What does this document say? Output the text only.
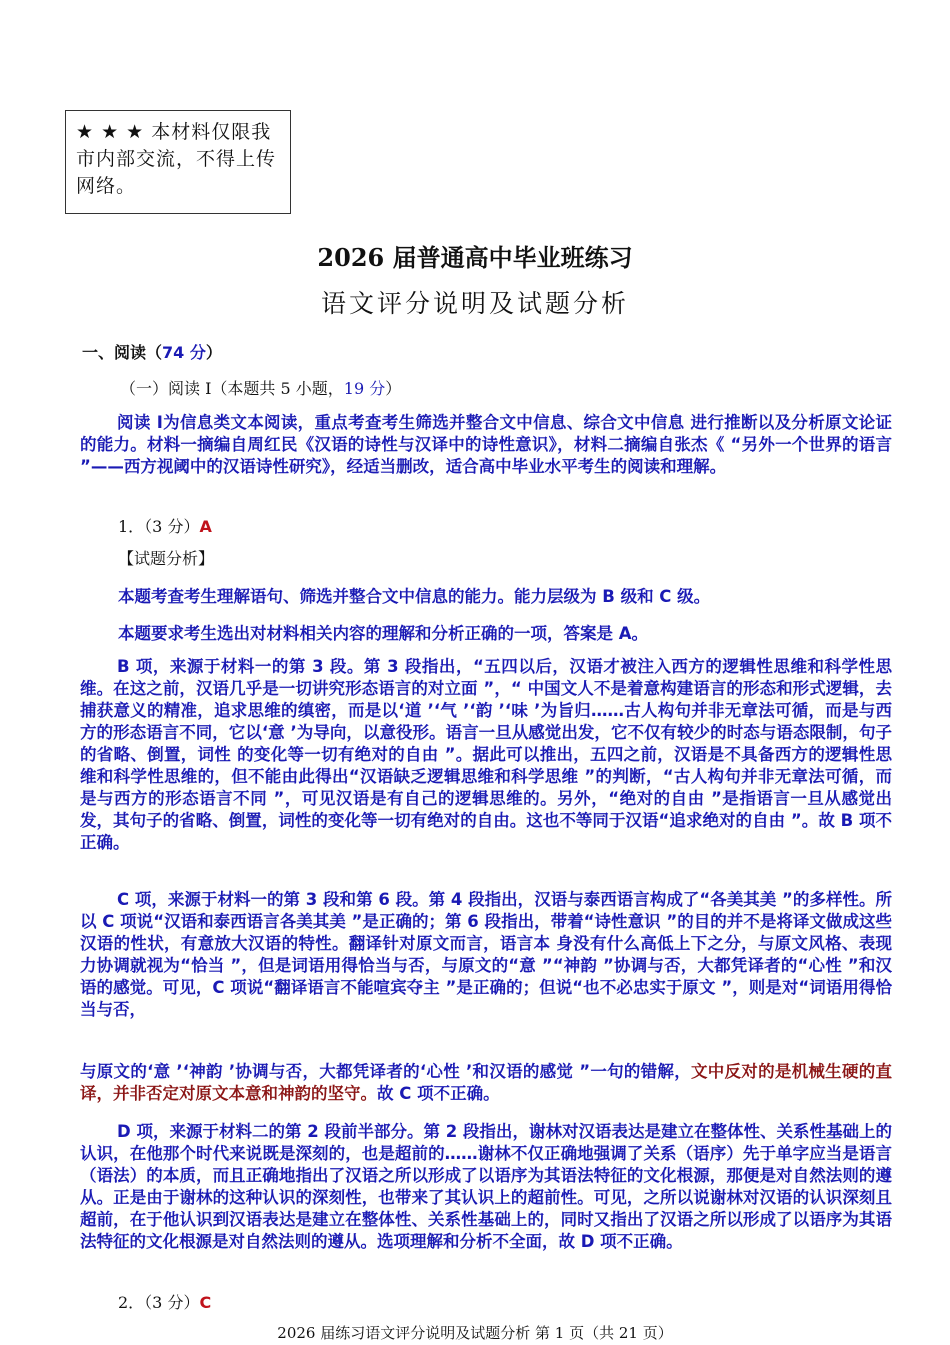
★ ★ ★ 本材料仅限我市内部交流，不得上传网络。
2026 届普通高中毕业班练习
语文评分说明及试题分析
一、阅读（74 分）
（一）阅读 Ⅰ（本题共 5 小题，19 分）
阅读 Ⅰ为信息类文本阅读，重点考查考生筛选并整合文中信息、综合文中信息 进行推断以及分析原文论证的能力。材料一摘编自周红民《汉语的诗性与汉译中的诗性意识》，材料二摘编自张杰《 “另外一个世界的语言 ”——西方视阈中的汉语诗性研究》，经适当删改，适合高中毕业水平考生的阅读和理解。
1．（3 分）A
【试题分析】
本题考查考生理解语句、筛选并整合文中信息的能力。能力层级为 B 级和 C 级。
本题要求考生选出对材料相关内容的理解和分析正确的一项，答案是 A。
B 项，来源于材料一的第 3 段。第 3 段指出，“五四以后，汉语才被注入西方的逻辑性思维和科学性思维。在这之前，汉语几乎是一切讲究形态语言的对立面 ”，“ 中国文人不是着意构建语言的形态和形式逻辑，去捕获意义的精准，追求思维的缜密，而是以‘道 ’‘气 ’‘韵 ’‘味 ’为旨归……古人构句并非无章法可循，而是与西方的形态语言不同，它以‘意 ’为导向，以意役形。语言一旦从感觉出发，它不仅有较少的时态与语态限制，句子的省略、倒置，词性 的变化等一切有绝对的自由 ”。据此可以推出，五四之前，汉语是不具备西方的逻辑性思维和科学性思维的，但不能由此得出“汉语缺乏逻辑思维和科学思维 ”的判断，“古人构句并非无章法可循，而是与西方的形态语言不同 ”，可见汉语是有自己的逻辑思维的。另外，“绝对的自由 ”是指语言一旦从感觉出发，其句子的省略、倒置，词性的变化等一切有绝对的自由。这也不等同于汉语“追求绝对的自由 ”。故 B 项不正确。
C 项，来源于材料一的第 3 段和第 6 段。第 4 段指出，汉语与泰西语言构成了“各美其美 ”的多样性。所以 C 项说“汉语和泰西语言各美其美 ”是正确的；第 6 段指出，带着“诗性意识 ”的目的并不是将译文做成这些汉语的性状，有意放大汉语的特性。翻译针对原文而言，语言本 身没有什么高低上下之分，与原文风格、表现力协调就视为“恰当 ”，但是词语用得恰当与否，与原文的“意 ”“神韵 ”协调与否，大都凭译者的“心性 ”和汉语的感觉。可见，C 项说“翻译语言不能喧宾夺主 ”是正确的；但说“也不必忠实于原文 ”，则是对“词语用得恰当与否，
与原文的‘意 ’‘神韵 ’协调与否，大都凭译者的‘心性 ’和汉语的感觉 ”一句的错解，文中反对的是机械生硬的直译，并非否定对原文本意和神韵的坚守。故 C 项不正确。
D 项，来源于材料二的第 2 段前半部分。第 2 段指出，谢林对汉语表达是建立在整体性、关系性基础上的认识，在他那个时代来说既是深刻的，也是超前的……谢林不仅正确地强调了关系（语序）先于单字应当是语言（语法）的本质，而且正确地指出了汉语之所以形成了以语序为其语法特征的文化根源，那便是对自然法则的遵从。正是由于谢林的这种认识的深刻性，也带来了其认识上的超前性。可见，之所以说谢林对汉语的认识深刻且超前，在于他认识到汉语表达是建立在整体性、关系性基础上的，同时又指出了汉语之所以形成了以语序为其语法特征的文化根源是对自然法则的遵从。选项理解和分析不全面，故 D 项不正确。
2．（3 分）C
2026 届练习语文评分说明及试题分析 第 1 页（共 21 页）
